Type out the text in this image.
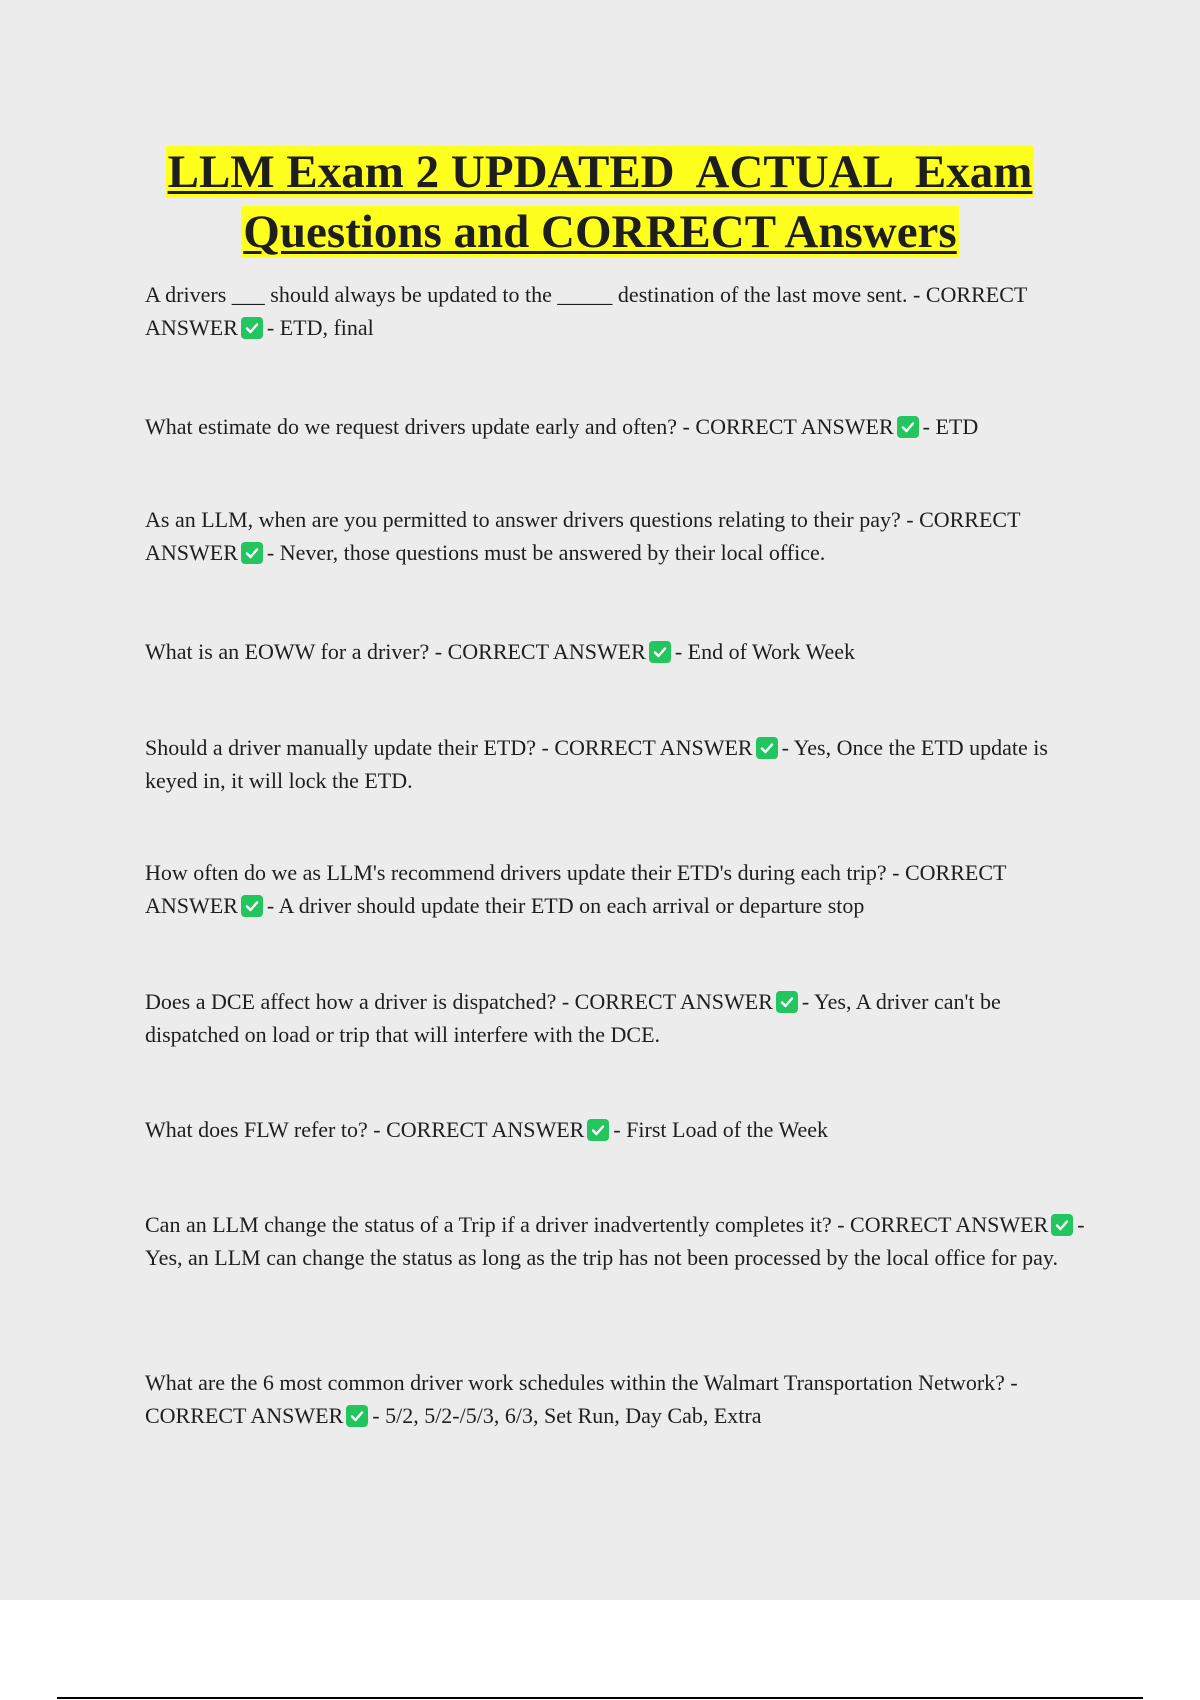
LLM Exam 2 UPDATED  ACTUAL  Exam
Questions and CORRECT Answers
A drivers ___ should always be updated to the _____ destination of the last move sent. - CORRECT ANSWER - ETD, final
What estimate do we request drivers update early and often? - CORRECT ANSWER - ETD
As an LLM, when are you permitted to answer drivers questions relating to their pay? - CORRECT ANSWER - Never, those questions must be answered by their local office.
What is an EOWW for a driver? - CORRECT ANSWER - End of Work Week
Should a driver manually update their ETD? - CORRECT ANSWER - Yes, Once the ETD update is keyed in, it will lock the ETD.
How often do we as LLM's recommend drivers update their ETD's during each trip? - CORRECT ANSWER - A driver should update their ETD on each arrival or departure stop
Does a DCE affect how a driver is dispatched? - CORRECT ANSWER - Yes, A driver can't be dispatched on load or trip that will interfere with the DCE.
What does FLW refer to? - CORRECT ANSWER - First Load of the Week
Can an LLM change the status of a Trip if a driver inadvertently completes it? - CORRECT ANSWER - Yes, an LLM can change the status as long as the trip has not been processed by the local office for pay.
What are the 6 most common driver work schedules within the Walmart Transportation Network? - CORRECT ANSWER - 5/2, 5/2-/5/3, 6/3, Set Run, Day Cab, Extra
